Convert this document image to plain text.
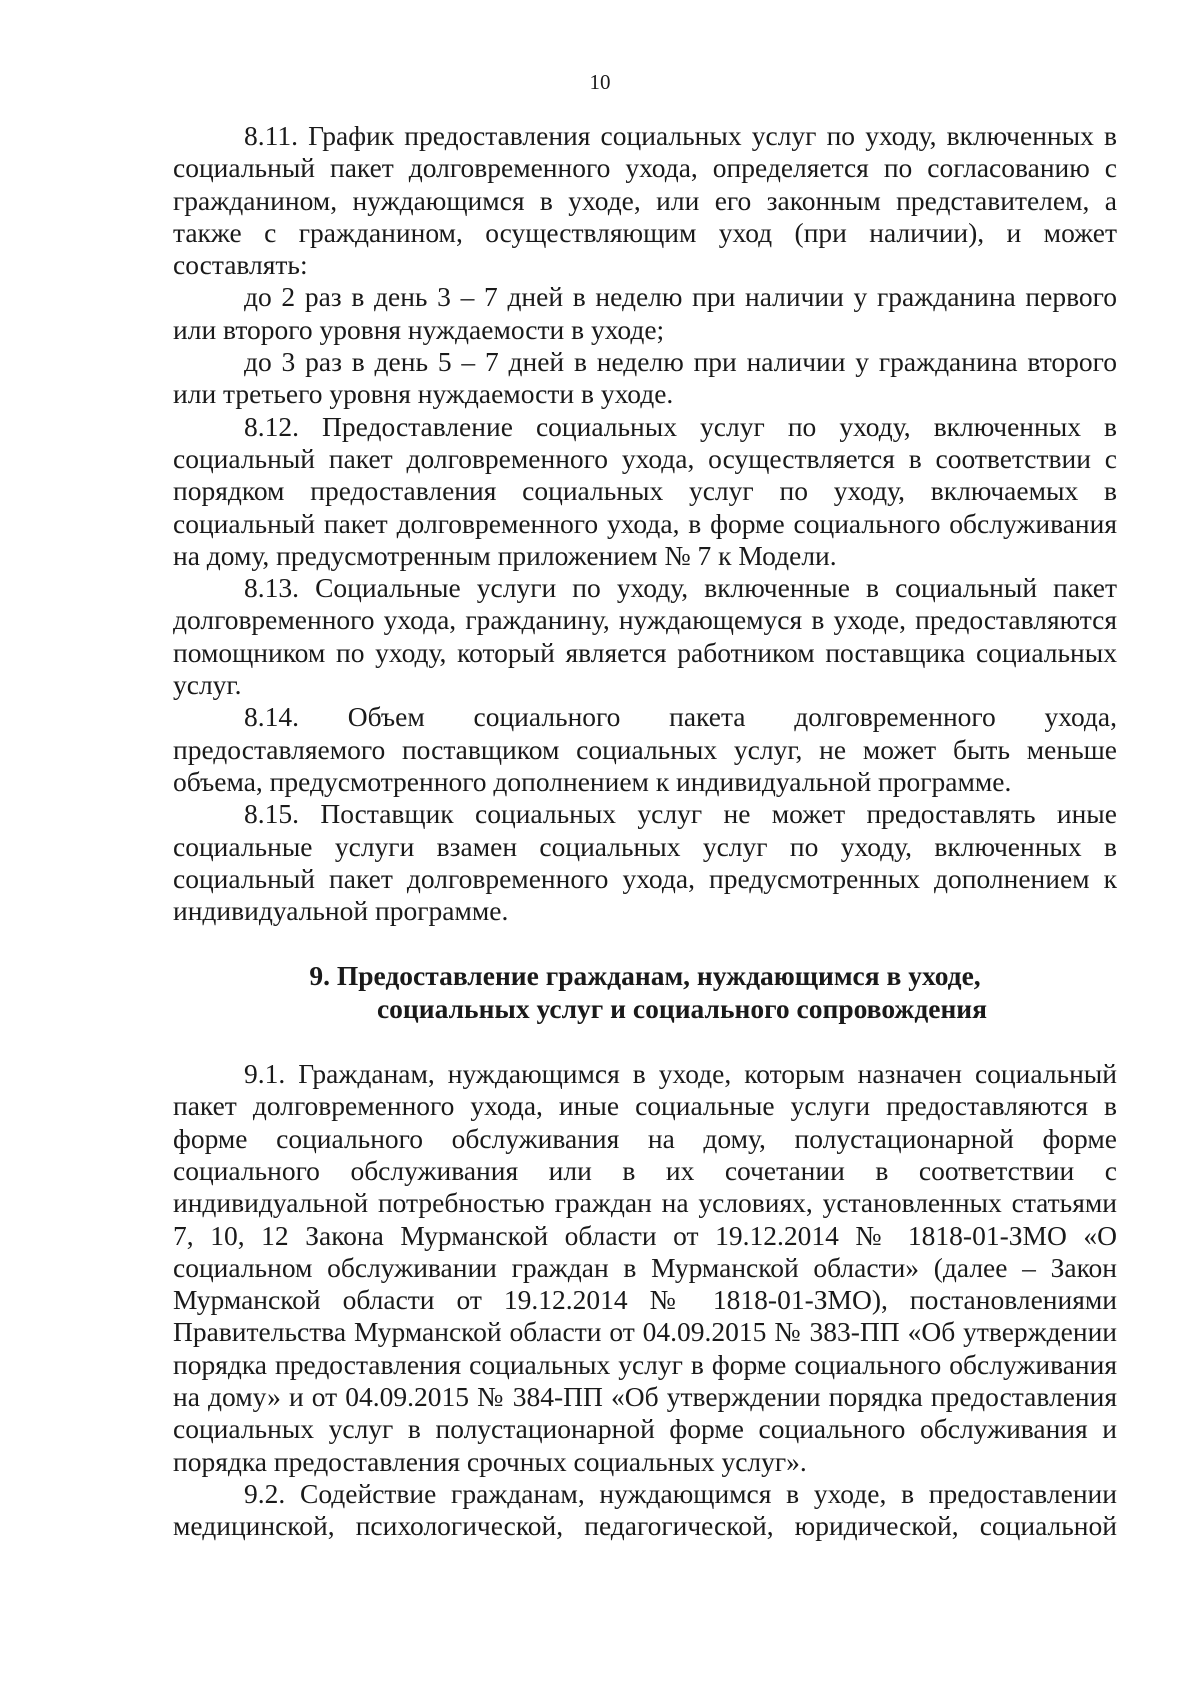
10

8.11. График предоставления социальных услуг по уходу, включенных в социальный пакет долговременного ухода, определяется по согласованию с гражданином, нуждающимся в уходе, или его законным представителем, а также с гражданином, осуществляющим уход (при наличии), и может составлять:

до 2 раз в день 3 – 7 дней в неделю при наличии у гражданина первого или второго уровня нуждаемости в уходе;

до 3 раз в день 5 – 7 дней в неделю при наличии у гражданина второго или третьего уровня нуждаемости в уходе.

8.12. Предоставление социальных услуг по уходу, включенных в социальный пакет долговременного ухода, осуществляется в соответствии с порядком предоставления социальных услуг по уходу, включаемых в социальный пакет долговременного ухода, в форме социального обслуживания на дому, предусмотренным приложением № 7 к Модели.

8.13. Социальные услуги по уходу, включенные в социальный пакет долговременного ухода, гражданину, нуждающемуся в уходе, предоставляются помощником по уходу, который является работником поставщика социальных услуг.

8.14. Объем социального пакета долговременного ухода, предоставляемого поставщиком социальных услуг, не может быть меньше объема, предусмотренного дополнением к индивидуальной программе.

8.15. Поставщик социальных услуг не может предоставлять иные социальные услуги взамен социальных услуг по уходу, включенных в социальный пакет долговременного ухода, предусмотренных дополнением к индивидуальной программе.

9. Предоставление гражданам, нуждающимся в уходе,

социальных услуг и социального сопровождения

9.1. Гражданам, нуждающимся в уходе, которым назначен социальный пакет долговременного ухода, иные социальные услуги предоставляются в форме социального обслуживания на дому, полустационарной форме социального обслуживания или в их сочетании в соответствии с индивидуальной потребностью граждан на условиях, установленных статьями 7, 10, 12 Закона Мурманской области от 19.12.2014 № 1818-01-ЗМО «О социальном обслуживании граждан в Мурманской области» (далее – Закон Мурманской области от 19.12.2014 № 1818-01-ЗМО), постановлениями Правительства Мурманской области от 04.09.2015 № 383-ПП «Об утверждении порядка предоставления социальных услуг в форме социального обслуживания на дому» и от 04.09.2015 № 384-ПП «Об утверждении порядка предоставления социальных услуг в полустационарной форме социального обслуживания и порядка предоставления срочных социальных услуг».

9.2. Содействие гражданам, нуждающимся в уходе, в предоставлении медицинской, психологической, педагогической, юридической, социальной
